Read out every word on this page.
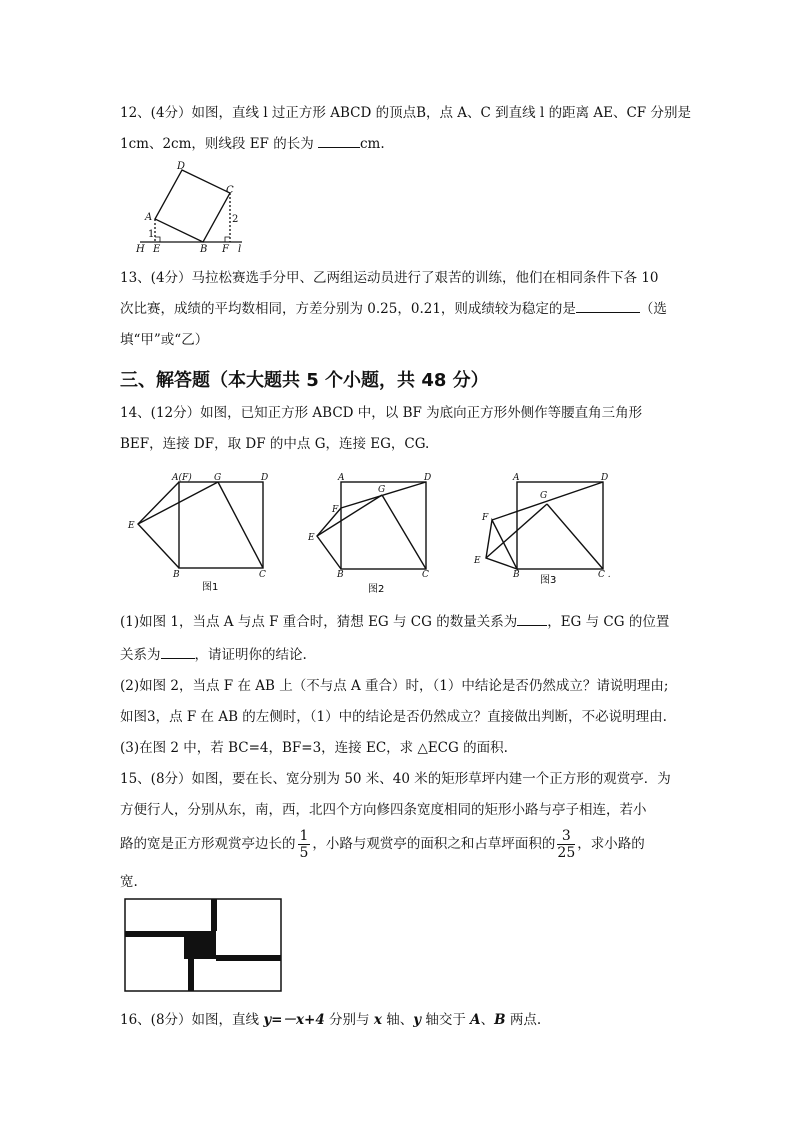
12、(4分）如图，直线 l 过正方形 ABCD 的顶点B，点 A、C 到直线 l 的距离 AE、CF 分别是
1cm、2cm，则线段 EF 的长为	cm.
D
C
A
1
2
H E	B F l
13、(4分）马拉松赛选手分甲、乙两组运动员进行了艰苦的训练，他们在相同条件下各 10
次比赛，成绩的平均数相同，方差分别为 0.25，0.21，则成绩较为稳定的是	（选
填“甲”或“乙）
三、解答题（本大题共 5 个小题，共 48 分）
14、(12分）如图，已知正方形 ABCD 中，以 BF 为底向正方形外侧作等腰直角三角形
BEF，连接 DF，取 DF 的中点 G，连接 EG，CG.
A(F) G	D
E
B	C
图1
A
G
D
F
E
B	C
图2
A
G
D
F
E
B	C .
图3
(1)如图 1，当点 A 与点 F 重合时，猜想 EG 与 CG 的数量关系为 ，EG 与 CG 的位置
关系为	，请证明你的结论.
(2)如图 2，当点 F 在 AB 上（不与点 A 重合）时，（1）中结论是否仍然成立？请说明理由;
如图3，点 F 在 AB 的左侧时，（1）中的结论是否仍然成立？直接做出判断，不必说明理由.
(3)在图 2 中，若 BC=4，BF=3，连接 EC，求 △ECG 的面积.
15、(8分）如图，要在长、宽分别为 50 米、40 米的矩形草坪内建一个正方形的观赏亭．为
方便行人，分别从东，南，西，北四个方向修四条宽度相同的矩形小路与亭子相连，若小
路的宽是正方形观赏亭边长的 $\frac{1}{5}$ ，小路与观赏亭的面积之和占草坪面积的 $\frac{3}{25}$ ，求小路的
宽.
16、(8分）如图，直线 y=－x+4 分别与 x 轴、y 轴交于 A、B 两点.
